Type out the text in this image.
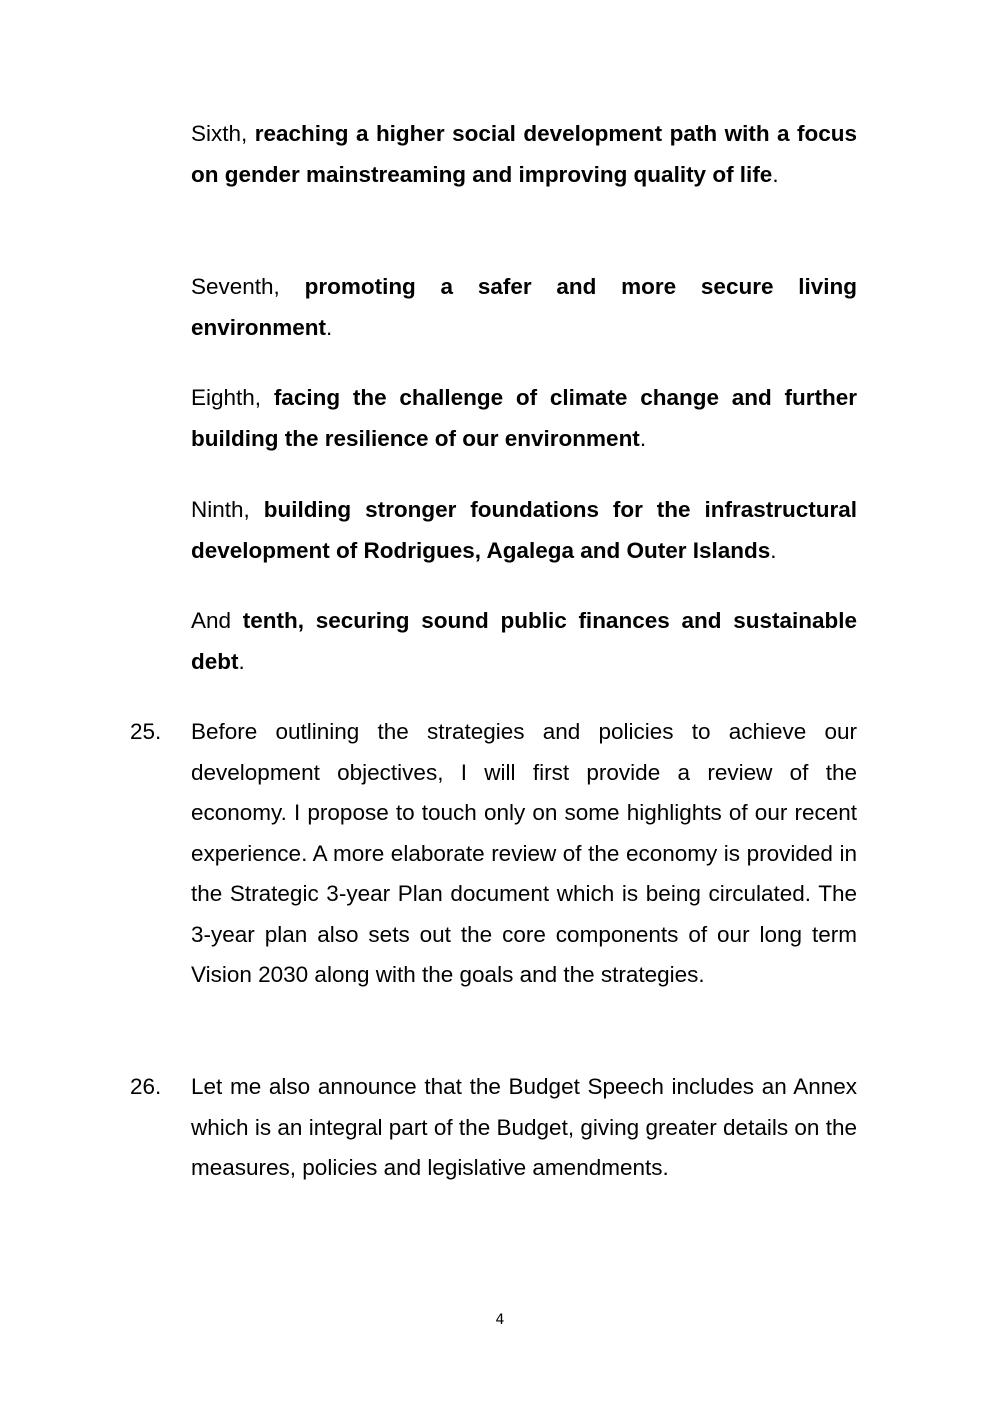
Sixth, reaching a higher social development path with a focus on gender mainstreaming and improving quality of life.

Seventh, promoting a safer and more secure living environment.

Eighth, facing the challenge of climate change and further building the resilience of our environment.

Ninth, building stronger foundations for the infrastructural development of Rodrigues, Agalega and Outer Islands.

And tenth, securing sound public finances and sustainable debt.

25. Before outlining the strategies and policies to achieve our development objectives, I will first provide a review of the economy. I propose to touch only on some highlights of our recent experience. A more elaborate review of the economy is provided in the Strategic 3-year Plan document which is being circulated. The 3-year plan also sets out the core components of our long term Vision 2030 along with the goals and the strategies.

26. Let me also announce that the Budget Speech includes an Annex which is an integral part of the Budget, giving greater details on the measures, policies and legislative amendments.

4
